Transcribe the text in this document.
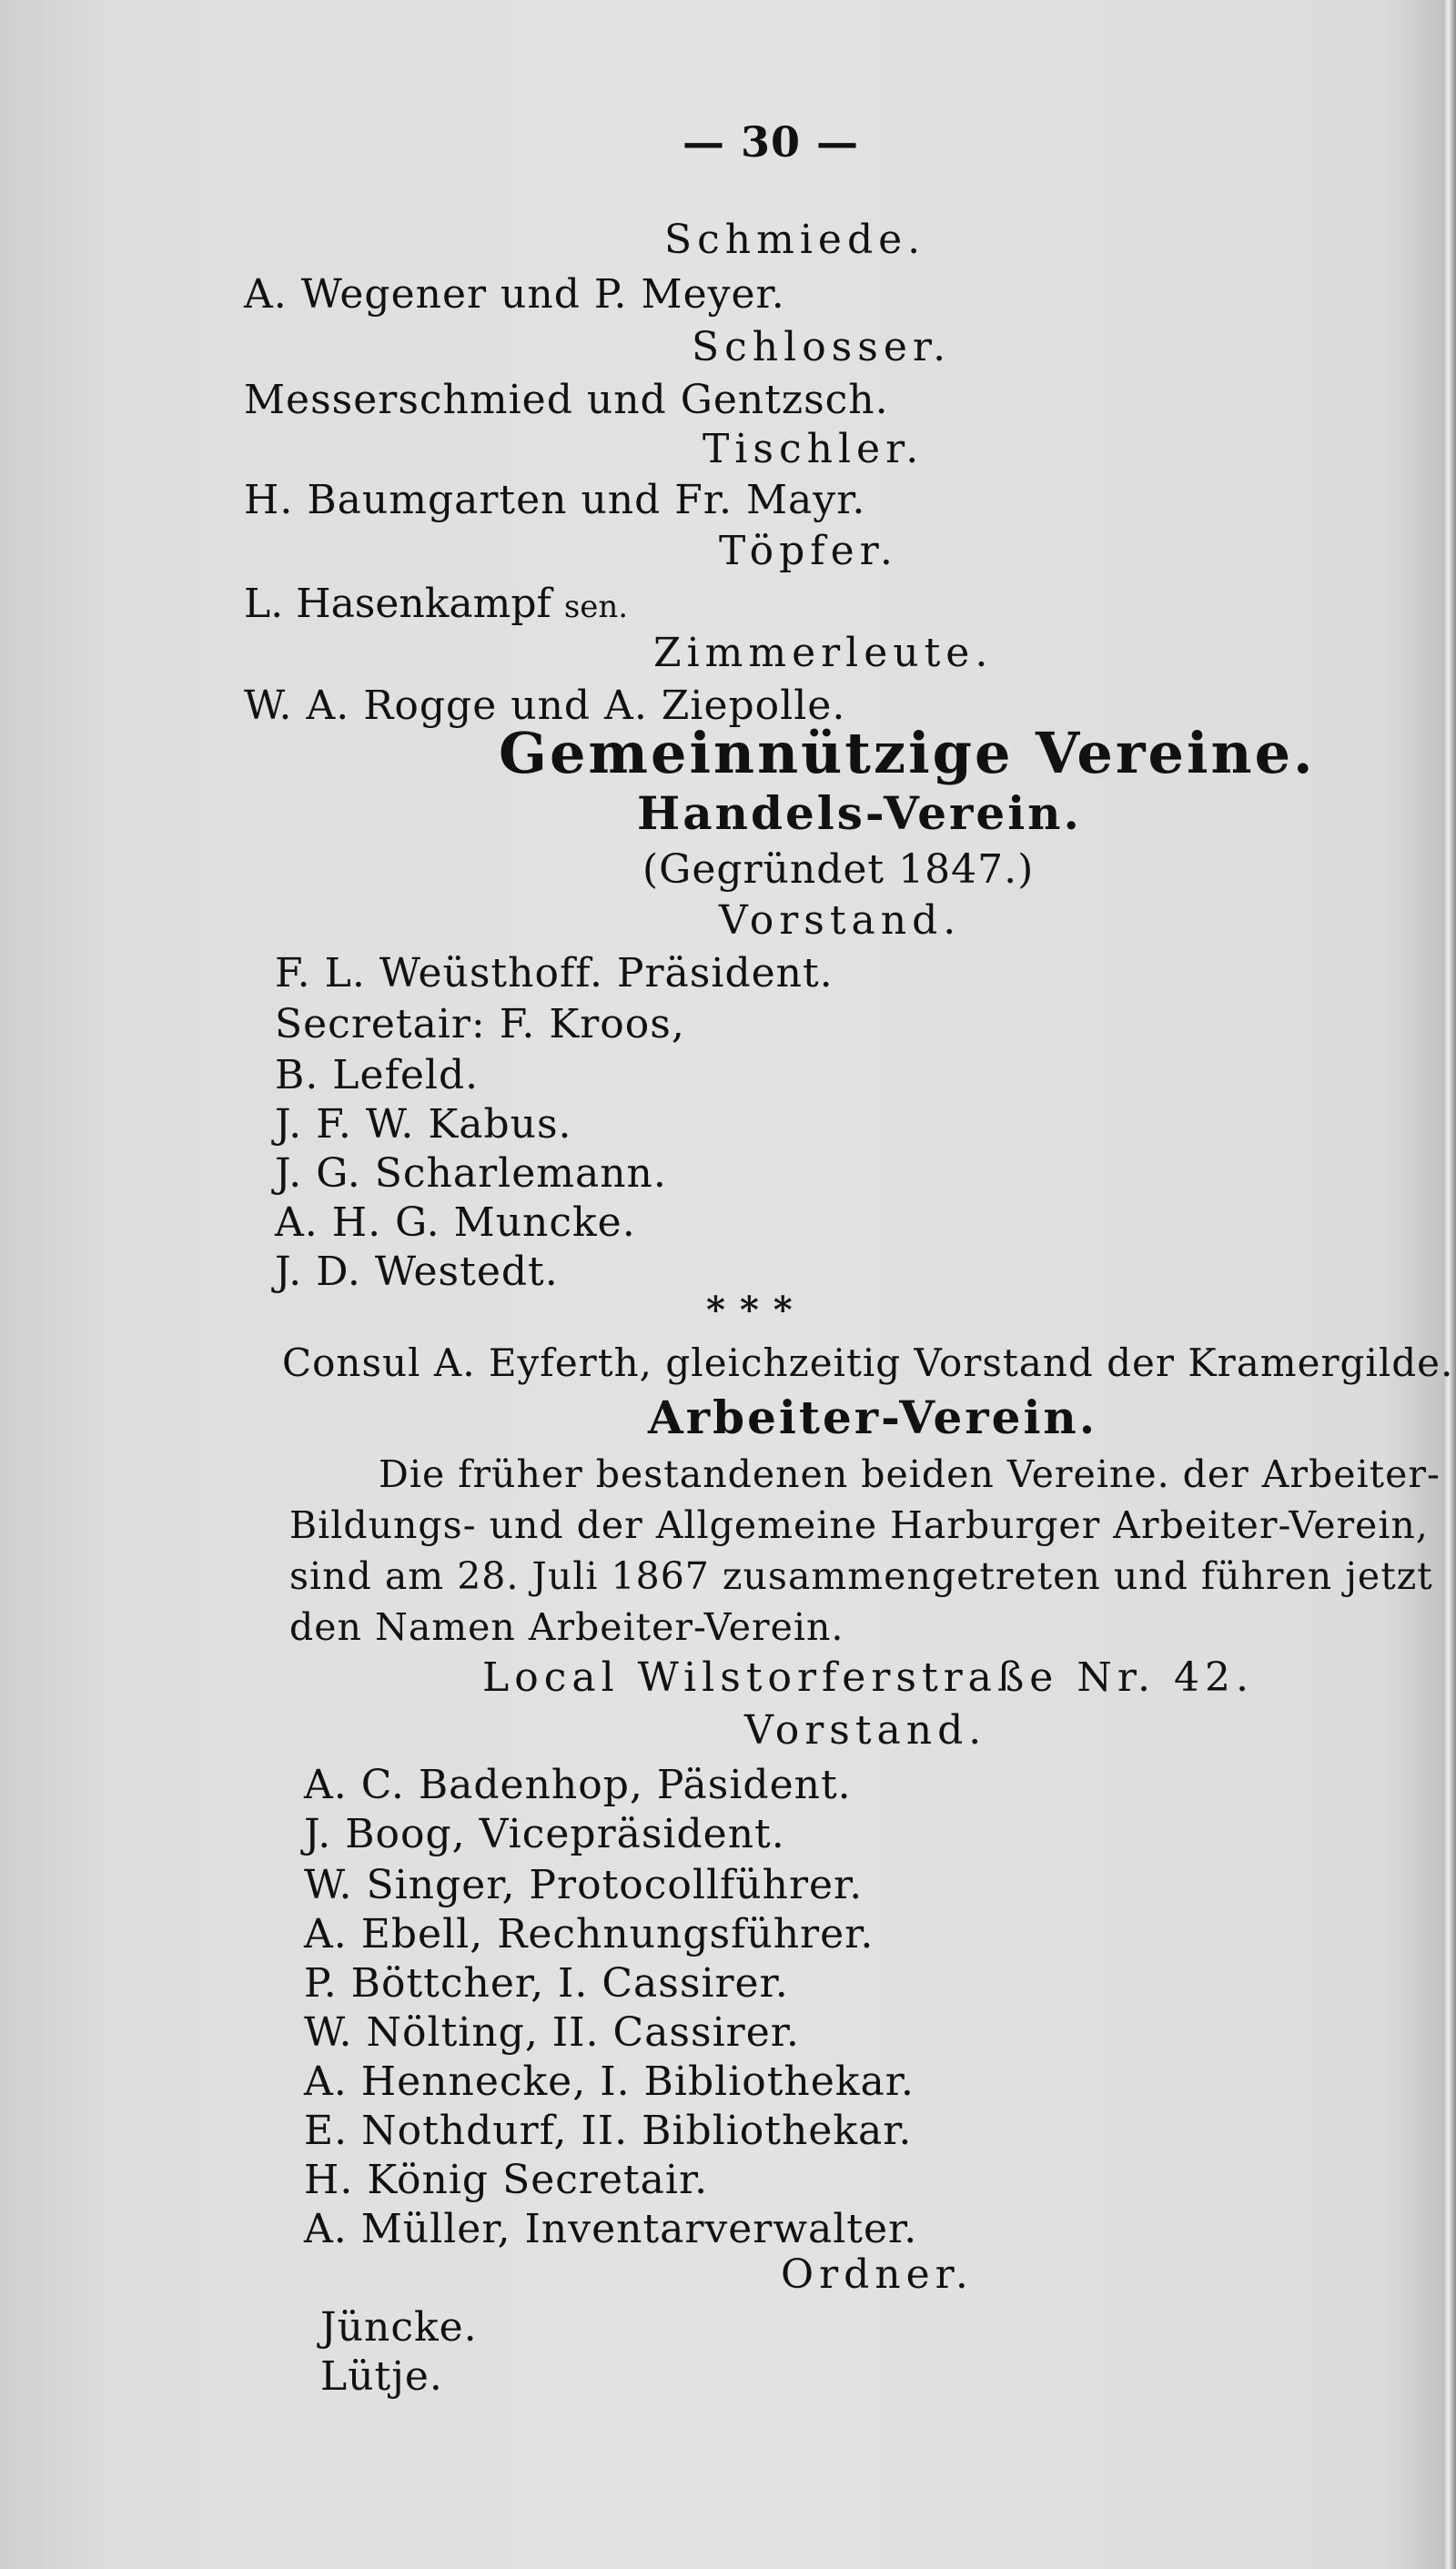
— 30 —
Schmiede.
A. Wegener und P. Meyer.
Schlosser.
Messerschmied und Gentzsch.
Tischler.
H. Baumgarten und Fr. Mayr.
Töpfer.
L. Hasenkampf sen.
Zimmerleute.
W. A. Rogge und A. Ziepolle.
Gemeinnützige Vereine.
Handels-Verein.
(Gegründet 1847.)
Vorstand.
F. L. Weüsthoff. Präsident.
Secretair: F. Kroos,
B. Lefeld.
J. F. W. Kabus.
J. G. Scharlemann.
A. H. G. Muncke.
J. D. Westedt.
* * *
Consul A. Eyferth, gleichzeitig Vorstand der Kramergilde.
Arbeiter-Verein.
Die früher bestandenen beiden Vereine. der Arbeiter-
Bildungs- und der Allgemeine Harburger Arbeiter-Verein,
sind am 28. Juli 1867 zusammengetreten und führen jetzt
den Namen Arbeiter-Verein.
Local Wilstorferstraße Nr. 42.
Vorstand.
A. C. Badenhop, Päsident.
J. Boog, Vicepräsident.
W. Singer, Protocollführer.
A. Ebell, Rechnungsführer.
P. Böttcher, I. Cassirer.
W. Nölting, II. Cassirer.
A. Hennecke, I. Bibliothekar.
E. Nothdurf, II. Bibliothekar.
H. König Secretair.
A. Müller, Inventarverwalter.
Ordner.
Jüncke.
Lütje.
